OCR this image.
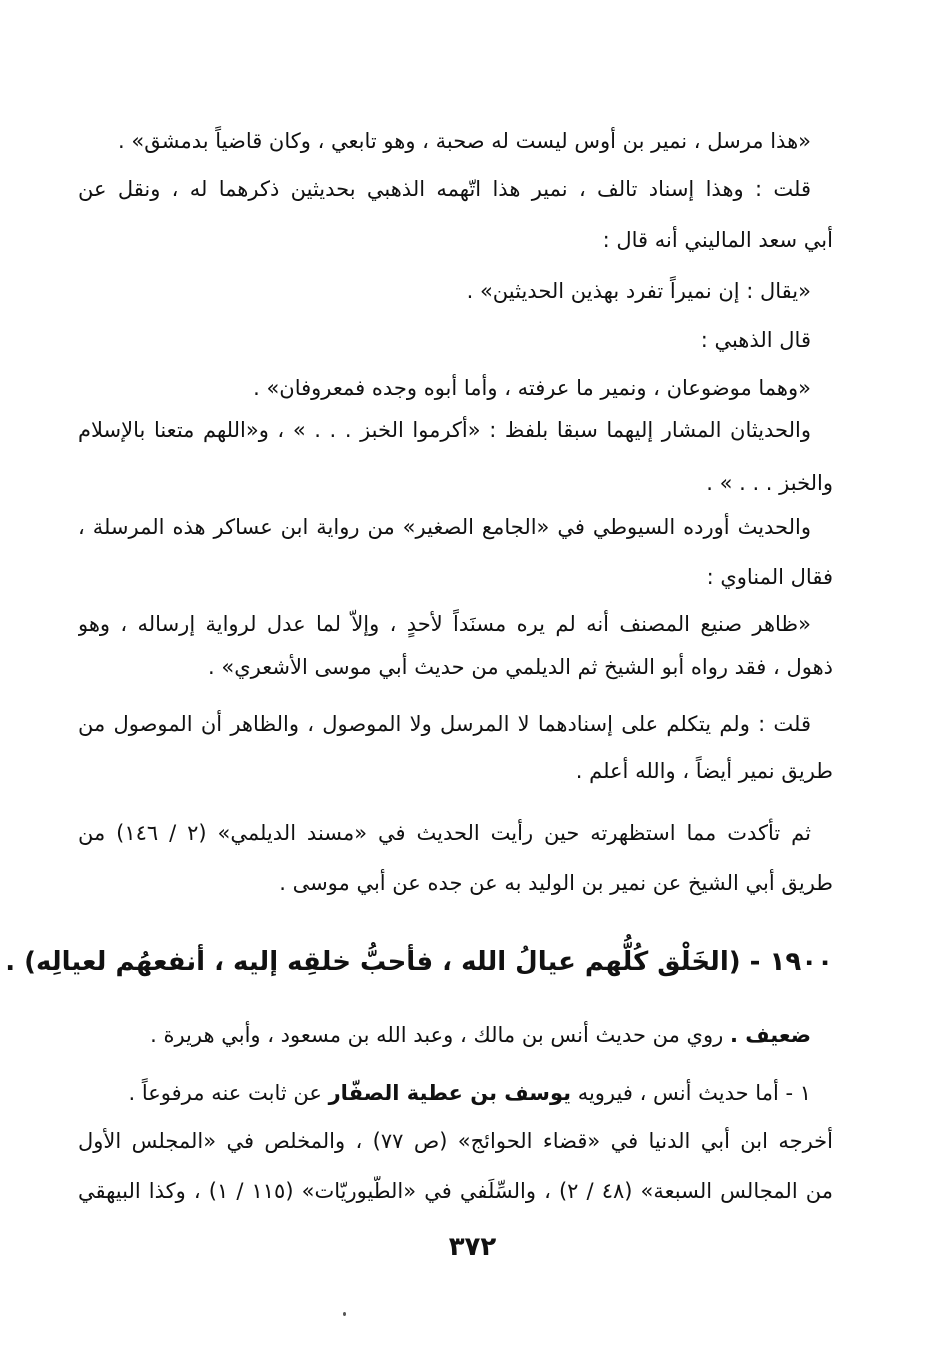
«هذا مرسل ، نمير بن أوس ليست له صحبة ، وهو تابعي ، وكان قاضياً بدمشق» .
قلت : وهذا إسناد تالف ، نمير هذا اتّهمه الذهبي بحديثين ذكرهما له ، ونقل عن
أبي سعد الماليني أنه قال :
«يقال : إن نميراً تفرد بهذين الحديثين» .
قال الذهبي :
«وهما موضوعان ، ونمير ما عرفته ، وأما أبوه وجده فمعروفان» .
والحديثان المشار إليهما سبقا بلفظ : «أكرموا الخبز . . . » ، و«اللهم متعنا بالإسلام
والخبز . . . » .
والحديث أورده السيوطي في «الجامع الصغير» من رواية ابن عساكر هذه المرسلة ،
فقال المناوي :
«ظاهر صنيع المصنف أنه لم يره مسنَداً لأحدٍ ، وإلاّ لما عدل لرواية إرساله ، وهو
ذهول ، فقد رواه أبو الشيخ ثم الديلمي من حديث أبي موسى الأشعري» .
قلت : ولم يتكلم على إسنادهما لا المرسل ولا الموصول ، والظاهر أن الموصول من
طريق نمير أيضاً ، والله أعلم .
ثم تأكدت مما استظهرته حين رأيت الحديث في «مسند الديلمي» (٢ / ١٤٦) من
طريق أبي الشيخ عن نمير بن الوليد به عن جده عن أبي موسى .
١٩٠٠ - (الخَلْق كُلُّهم عيالُ الله ، فأحبُّ خلقِه إليه ، أنفعهُم لعيالِه) .
ضعيف . روي من حديث أنس بن مالك ، وعبد الله بن مسعود ، وأبي هريرة .
١ - أما حديث أنس ، فيرويه يوسف بن عطية الصفّار عن ثابت عنه مرفوعاً .
أخرجه ابن أبي الدنيا في «قضاء الحوائج» (ص ٧٧) ، والمخلص في «المجلس الأول
من المجالس السبعة» (٤٨ / ٢) ، والسِّلَفي في «الطُّيوريّات» (١١٥ / ١) ، وكذا البيهقي
٣٧٢
